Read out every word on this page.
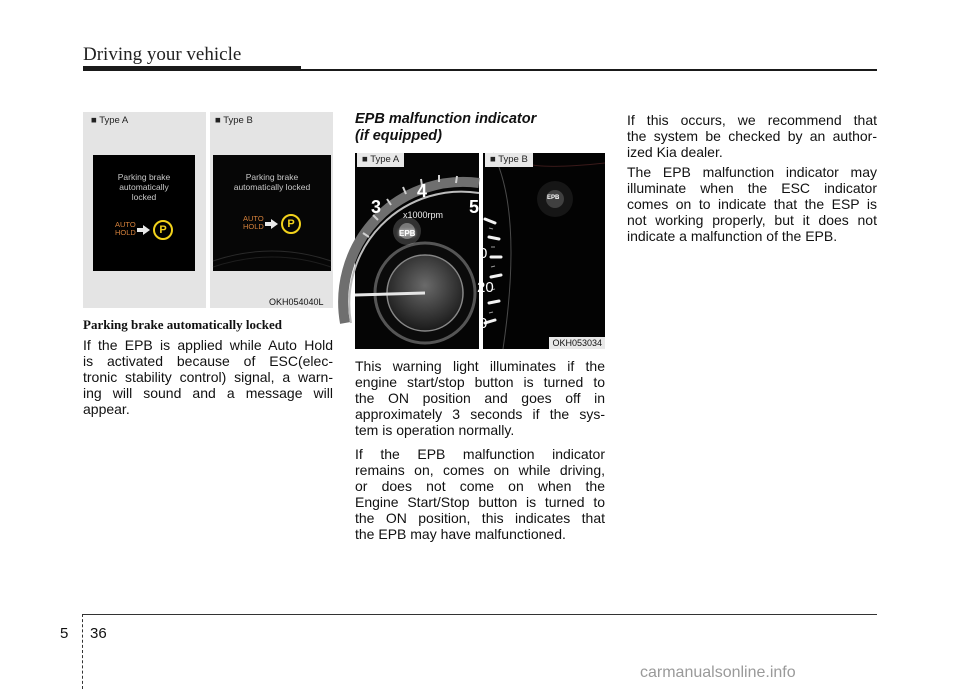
Driving your vehicle
■ Type A	■ Type B
Parking brake
automatically
locked
AUTO
HOLD	P
Parking brake
automatically locked
AUTO
HOLD	P
OKH054040L
Parking brake automatically locked
If the EPB is applied while Auto Hold
is activated because of ESC(elec-
tronic stability control) signal, a warn-
ing will sound and a message will
appear.
EPB malfunction indicator
(if equipped)
■ Type A
3
4
5
x1000rpm
EPB
■ Type B
EPB
0
20
0
OKH053034
This warning light illuminates if the
engine start/stop button is turned to
the ON position and goes off in
approximately 3 seconds if the sys-
tem is operation normally.
If the EPB malfunction indicator
remains on, comes on while driving,
or does not come on when the
Engine Start/Stop button is turned to
the ON position, this indicates that
the EPB may have malfunctioned.
If this occurs, we recommend that
the system be checked by an author-
ized Kia dealer.
The EPB malfunction indicator may
illuminate when the ESC indicator
comes on to indicate that the ESP is
not working properly, but it does not
indicate a malfunction of the EPB.
5 36
carmanualsonline.info
